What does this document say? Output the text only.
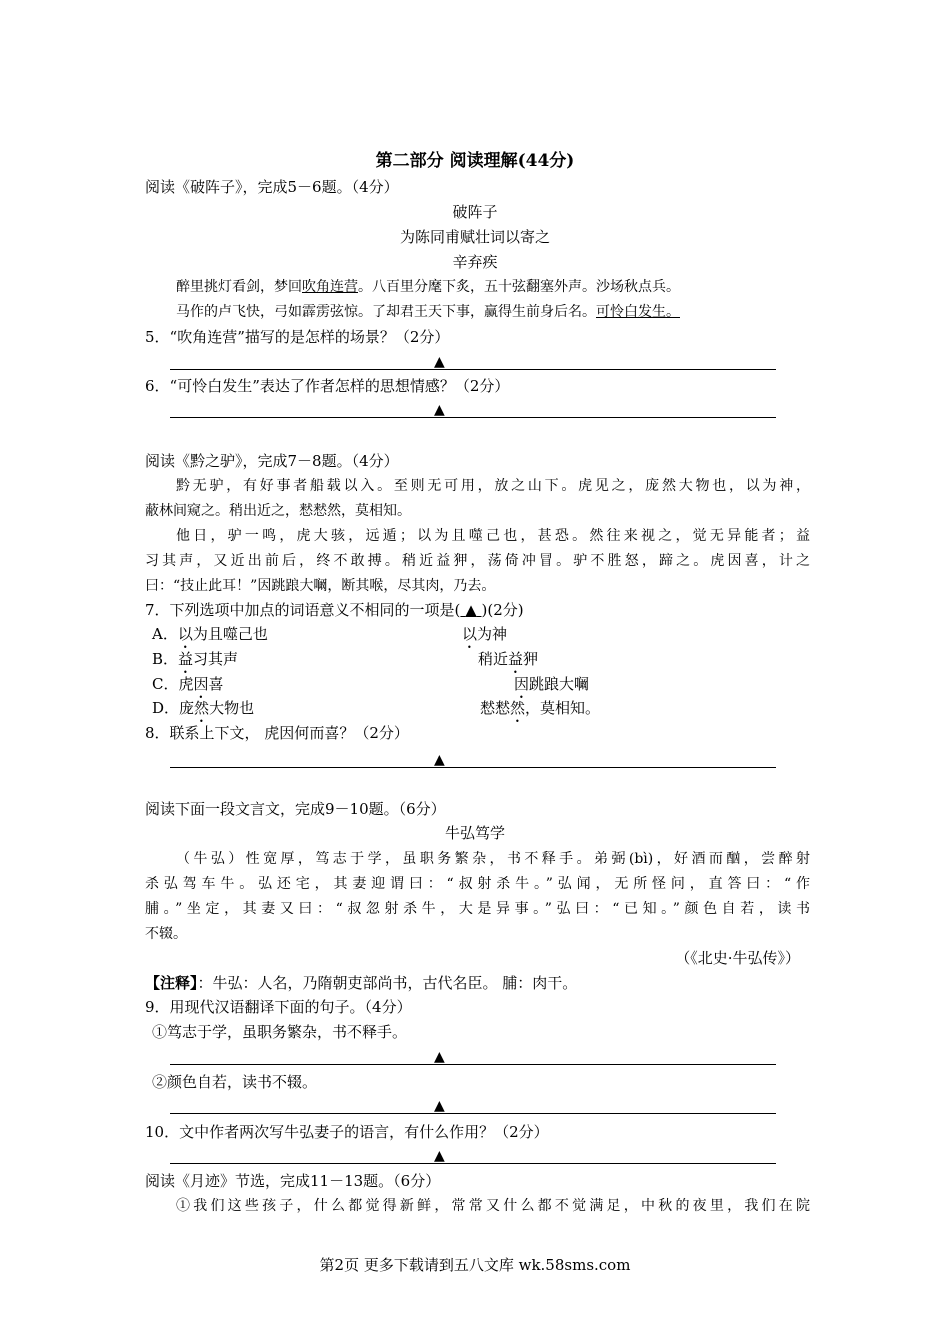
第二部分 阅读理解(44分)
阅读《破阵子》，完成5－6题。（4分）
破阵子
为陈同甫赋壮词以寄之
辛弃疾
醉里挑灯看剑，梦回吹角连营。八百里分麾下炙，五十弦翻塞外声。沙场秋点兵。
马作的卢飞快，弓如霹雳弦惊。了却君王天下事，赢得生前身后名。可怜白发生。
5．“吹角连营”描写的是怎样的场景？（2分）
▲
6．“可怜白发生”表达了作者怎样的思想情感？（2分）
▲
阅读《黔之驴》，完成7－8题。（4分）
黔无驴，有好事者船载以入。至则无可用，放之山下。虎见之，庞然大物也，以为神，
蔽林间窥之。稍出近之，慭慭然，莫相知。
他日，驴一鸣，虎大骇，远遁；以为且噬己也，甚恐。然往来视之，觉无异能者；益
习其声，又近出前后，终不敢搏。稍近益狎，荡倚冲冒。驴不胜怒，蹄之。虎因喜，计之
曰：“技止此耳！”因跳踉大㘎，断其喉，尽其肉，乃去。
7．下列选项中加点的词语意义不相同的一项是( ▲ )(2分)
A．以为且噬己也	以为神
B．益习其声	稍近益狎
C．虎因喜	因跳踉大㘎
D．庞然大物也	慭慭然，莫相知。
8．联系上下文， 虎因何而喜？（2分）
▲
阅读下面一段文言文，完成9－10题。（6分）
牛弘笃学
（牛弘）性宽厚，笃志于学，虽职务繁杂，书不释手。弟弼(bì)，好酒而酗，尝醉射
杀弘驾车牛。弘还宅，其妻迎谓曰：“叔射杀牛。”弘闻，无所怪问，直答曰：“作
脯。”坐定，其妻又曰：“叔忽射杀牛，大是异事。”弘曰：“已知。”颜色自若，读书
不辍。
（《北史·牛弘传》）
【注释】：牛弘：人名，乃隋朝吏部尚书，古代名臣。 脯：肉干。
9．用现代汉语翻译下面的句子。（4分）
①笃志于学，虽职务繁杂，书不释手。
▲
②颜色自若，读书不辍。
▲
10．文中作者两次写牛弘妻子的语言，有什么作用？（2分）
▲
阅读《月迹》节选，完成11－13题。（6分）
①我们这些孩子，什么都觉得新鲜，常常又什么都不觉满足，中秋的夜里，我们在院
第2页 更多下载请到五八文库 wk.58sms.com
